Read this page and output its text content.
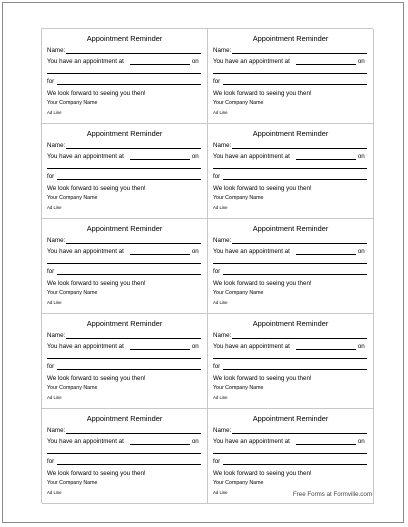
Appointment Reminder
Name:
You have an appointment at	on
for
We look forward to seeing you then!
Your Company Name
Ad Line
Appointment Reminder
Name:
You have an appointment at	on
for
We look forward to seeing you then!
Your Company Name
Ad Line
Appointment Reminder
Name:
You have an appointment at	on
for
We look forward to seeing you then!
Your Company Name
Ad Line
Appointment Reminder
Name:
You have an appointment at	on
for
We look forward to seeing you then!
Your Company Name
Ad Line
Appointment Reminder
Name:
You have an appointment at	on
for
We look forward to seeing you then!
Your Company Name
Ad Line
Appointment Reminder
Name:
You have an appointment at	on
for
We look forward to seeing you then!
Your Company Name
Ad Line
Appointment Reminder
Name:
You have an appointment at	on
for
We look forward to seeing you then!
Your Company Name
Ad Line
Appointment Reminder
Name:
You have an appointment at	on
for
We look forward to seeing you then!
Your Company Name
Ad Line
Appointment Reminder
Name:
You have an appointment at	on
for
We look forward to seeing you then!
Your Company Name
Ad Line
Appointment Reminder
Name:
You have an appointment at	on
for
We look forward to seeing you then!
Your Company Name
Ad Line	Free Forms at Formville.com
